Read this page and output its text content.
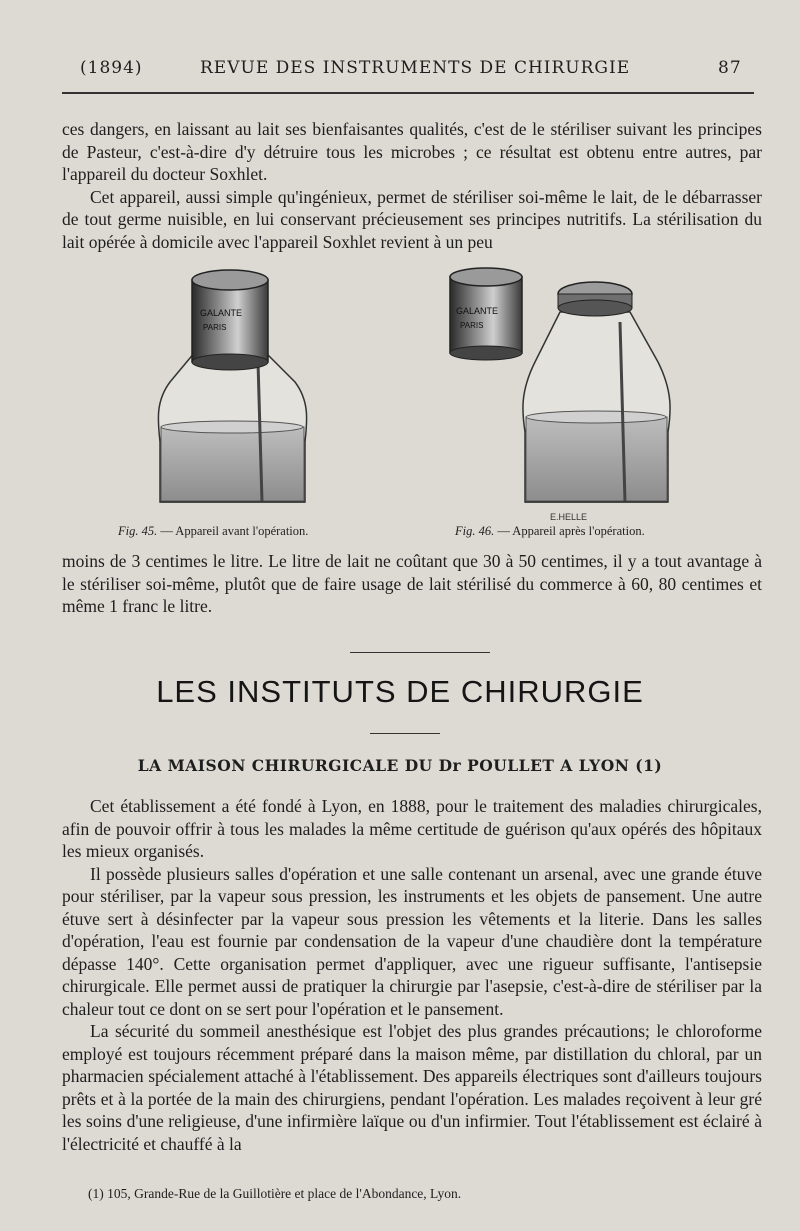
(1894)	REVUE DES INSTRUMENTS DE CHIRURGIE	87

ces dangers, en laissant au lait ses bienfaisantes qualités, c'est de le stériliser suivant les principes de Pasteur, c'est-à-dire d'y détruire tous les microbes ; ce résultat est obtenu entre autres, par l'appareil du docteur Soxhlet.

Cet appareil, aussi simple qu'ingénieux, permet de stériliser soi-même le lait, de le débarrasser de tout germe nuisible, en lui conservant précieusement ses principes nutritifs. La stérilisation du lait opérée à domicile avec l'appareil Soxhlet revient à un peu

GALANTE
PARIS
GALANTE
PARIS
E.HELLE
Fig. 45. — Appareil avant l'opération.	Fig. 46. — Appareil après l'opération.
moins de 3 centimes le litre. Le litre de lait ne coûtant que 30 à 50 centimes, il y a tout avantage à le stériliser soi-même, plutôt que de faire usage de lait stérilisé du commerce à 60, 80 centimes et même 1 franc le litre.
LES INSTITUTS DE CHIRURGIE
LA MAISON CHIRURGICALE DU Dr POULLET A LYON (1)

Cet établissement a été fondé à Lyon, en 1888, pour le traitement des maladies chirurgicales, afin de pouvoir offrir à tous les malades la même certitude de guérison qu'aux opérés des hôpitaux les mieux organisés.

Il possède plusieurs salles d'opération et une salle contenant un arsenal, avec une grande étuve pour stériliser, par la vapeur sous pression, les instruments et les objets de pansement. Une autre étuve sert à désinfecter par la vapeur sous pression les vêtements et la literie. Dans les salles d'opération, l'eau est fournie par condensation de la vapeur d'une chaudière dont la température dépasse 140°. Cette organisation permet d'appliquer, avec une rigueur suffisante, l'antisepsie chirurgicale. Elle permet aussi de pratiquer la chirurgie par l'asepsie, c'est-à-dire de stériliser par la chaleur tout ce dont on se sert pour l'opération et le pansement.

La sécurité du sommeil anesthésique est l'objet des plus grandes précautions; le chloroforme employé est toujours récemment préparé dans la maison même, par distillation du chloral, par un pharmacien spécialement attaché à l'établissement. Des appareils électriques sont d'ailleurs toujours prêts et à la portée de la main des chirurgiens, pendant l'opération. Les malades reçoivent à leur gré les soins d'une religieuse, d'une infirmière laïque ou d'un infirmier. Tout l'établissement est éclairé à l'électricité et chauffé à la

(1) 105, Grande-Rue de la Guillotière et place de l'Abondance, Lyon.
